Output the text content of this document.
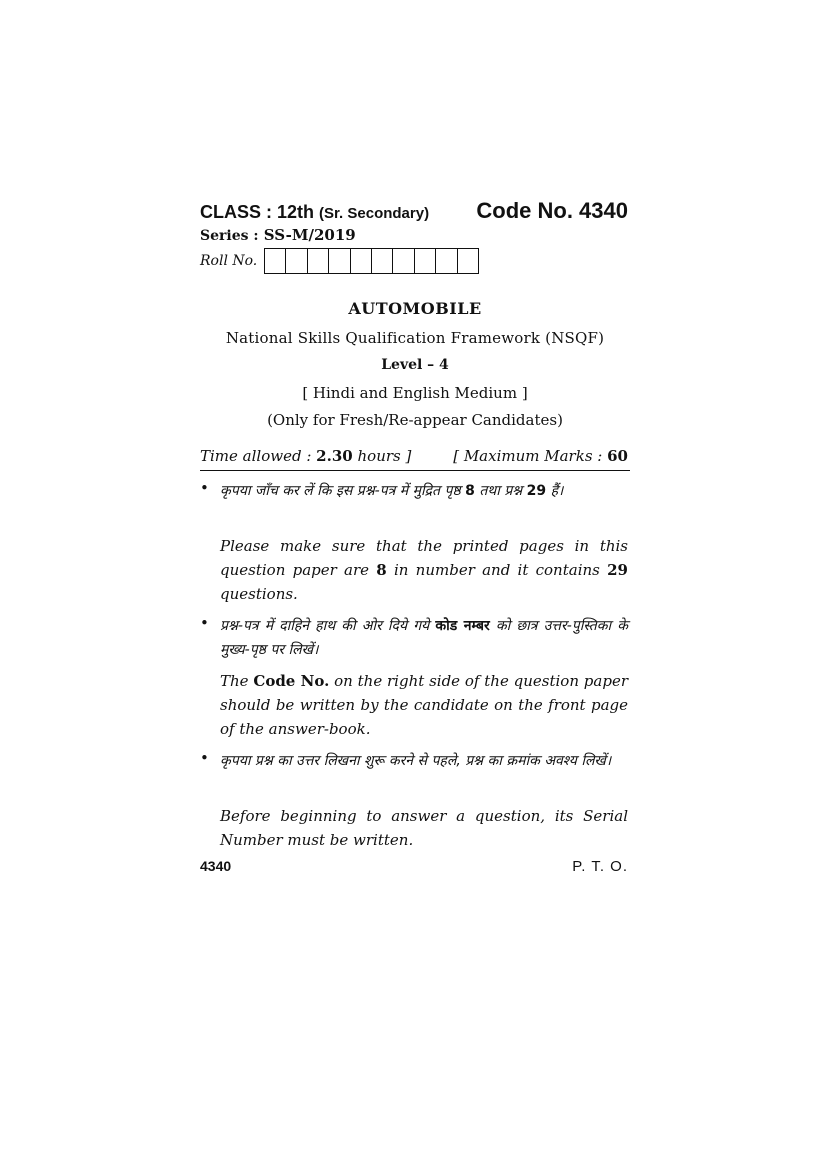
CLASS : 12th (Sr. Secondary) Code No. 4340
Series : SS-M/2019
Roll No.
AUTOMOBILE
National Skills Qualification Framework (NSQF)
Level – 4
[ Hindi and English Medium ]
(Only for Fresh/Re-appear Candidates)
Time allowed : 2.30 hours ]	[ Maximum Marks : 60
• कृपया जाँच कर लें कि इस प्रश्न-पत्र में मुद्रित पृष्ठ 8 तथा प्रश्न 29 हैं।
Please make sure that the printed pages in this question paper are 8 in number and it contains 29 questions.
• प्रश्न-पत्र में दाहिने हाथ की ओर दिये गये कोड नम्बर को छात्र उत्तर-पुस्तिका के मुख्य-पृष्ठ पर लिखें।
The Code No. on the right side of the question paper should be written by the candidate on the front page of the answer-book.
• कृपया प्रश्न का उत्तर लिखना शुरू करने से पहले, प्रश्न का क्रमांक अवश्य लिखें।
Before beginning to answer a question, its Serial Number must be written.
4340	P. T. O.
